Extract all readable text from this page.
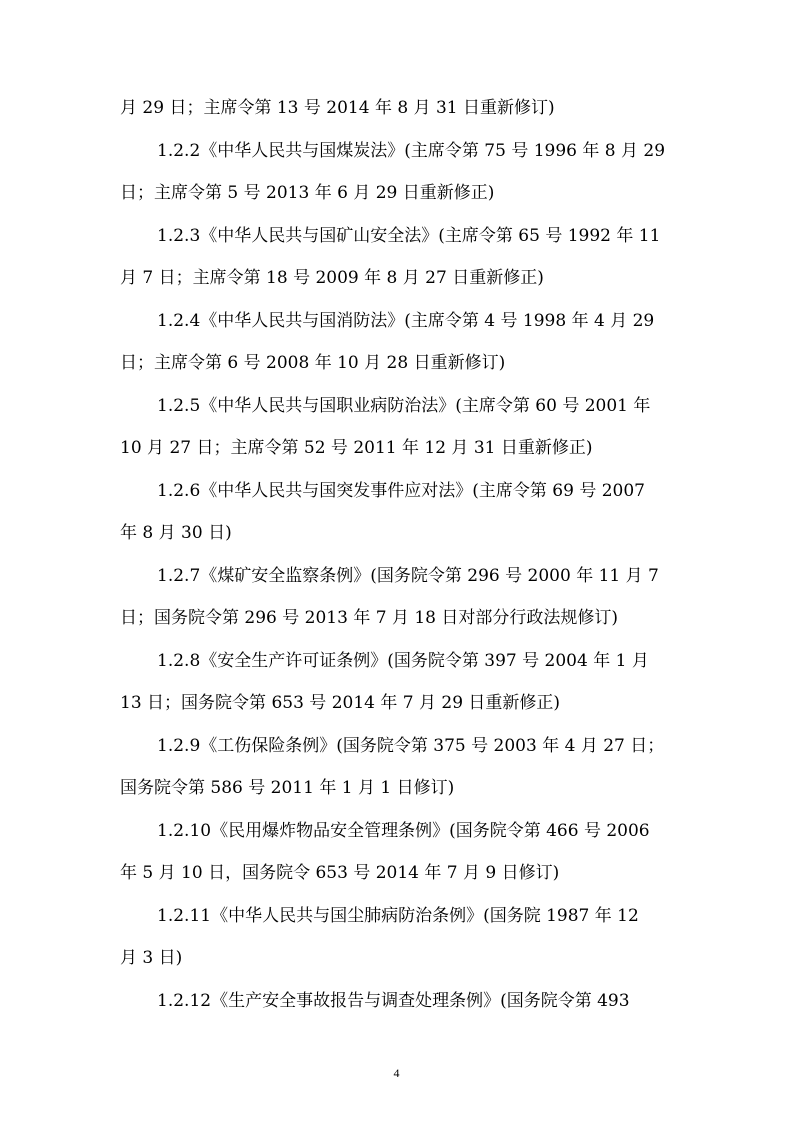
月 29 日；主席令第 13 号 2014 年 8 月 31 日重新修订)
1.2.2《中华人民共与国煤炭法》(主席令第 75 号 1996 年 8 月 29
日；主席令第 5 号 2013 年 6 月 29 日重新修正)
1.2.3《中华人民共与国矿山安全法》(主席令第 65 号 1992 年 11
月 7 日；主席令第 18 号 2009 年 8 月 27 日重新修正)
1.2.4《中华人民共与国消防法》(主席令第 4 号 1998 年 4 月 29
日；主席令第 6 号 2008 年 10 月 28 日重新修订)
1.2.5《中华人民共与国职业病防治法》(主席令第 60 号 2001 年
10 月 27 日；主席令第 52 号 2011 年 12 月 31 日重新修正)
1.2.6《中华人民共与国突发事件应对法》(主席令第 69 号 2007
年 8 月 30 日)
1.2.7《煤矿安全监察条例》(国务院令第 296 号 2000 年 11 月 7
日；国务院令第 296 号 2013 年 7 月 18 日对部分行政法规修订)
1.2.8《安全生产许可证条例》(国务院令第 397 号 2004 年 1 月
13 日；国务院令第 653 号 2014 年 7 月 29 日重新修正)
1.2.9《工伤保险条例》(国务院令第 375 号 2003 年 4 月 27 日；
国务院令第 586 号 2011 年 1 月 1 日修订)
1.2.10《民用爆炸物品安全管理条例》(国务院令第 466 号 2006
年 5 月 10 日，国务院令 653 号 2014 年 7 月 9 日修订)
1.2.11《中华人民共与国尘肺病防治条例》(国务院 1987 年 12
月 3 日)
1.2.12《生产安全事故报告与调查处理条例》(国务院令第 493
4
